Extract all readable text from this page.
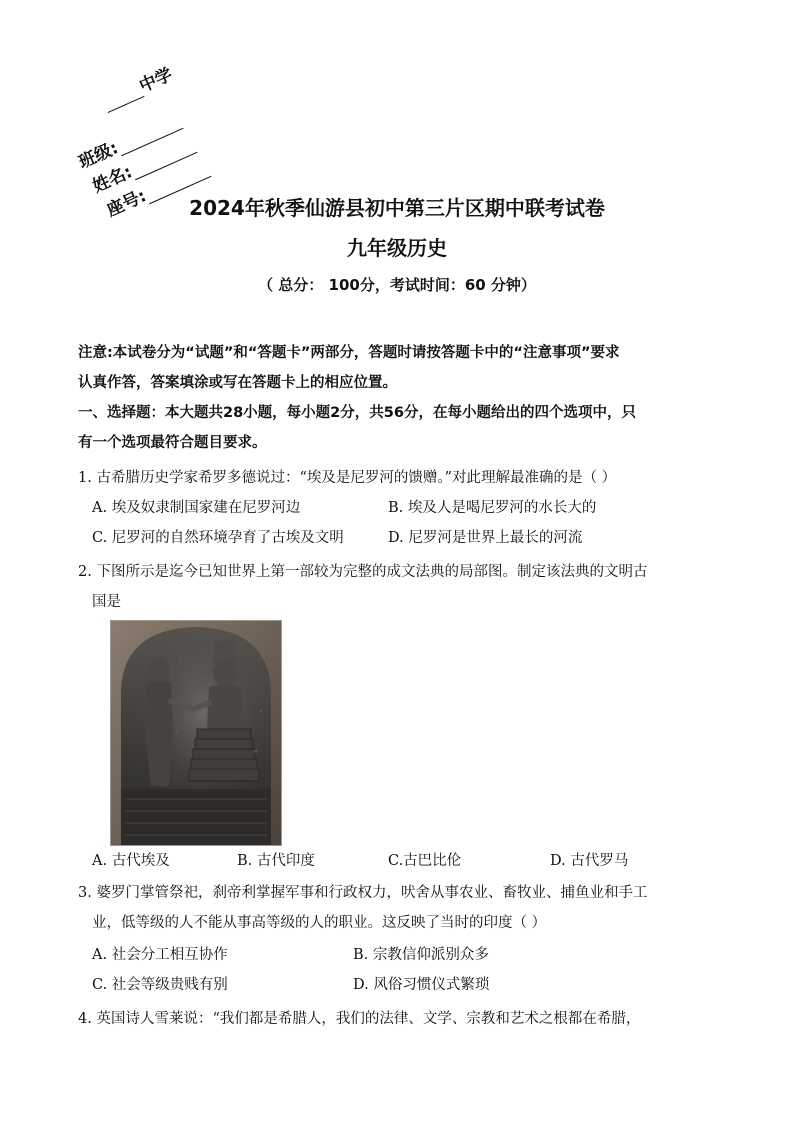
中学
班级:
姓名:
座号:	2024年秋季仙游县初中第三片区期中联考试卷
九年级历史
（ 总分： 100分，考试时间：60 分钟）
注意:本试卷分为“试题”和“答题卡”两部分，答题时请按答题卡中的“注意事项”要求
认真作答，答案填涂或写在答题卡上的相应位置。
一、选择题：本大题共28小题，每小题2分，共56分，在每小题给出的四个选项中，只
有一个选项最符合题目要求。
1. 古希腊历史学家希罗多德说过：“埃及是尼罗河的馈赠。”对此理解最准确的是（ ）
A. 埃及奴隶制国家建在尼罗河边	B. 埃及人是喝尼罗河的水长大的
C. 尼罗河的自然环境孕育了古埃及文明	D. 尼罗河是世界上最长的河流
2. 下图所示是迄今已知世界上第一部较为完整的成文法典的局部图。制定该法典的文明古
国是
A. 古代埃及	B. 古代印度	C.古巴比伦	D. 古代罗马
3. 婆罗门掌管祭祀，刹帝利掌握军事和行政权力，吠舍从事农业、畜牧业、捕鱼业和手工
业，低等级的人不能从事高等级的人的职业。这反映了当时的印度（ ）
A. 社会分工相互协作	B. 宗教信仰派别众多
C. 社会等级贵贱有别	D. 风俗习惯仪式繁琐
4. 英国诗人雪莱说：“我们都是希腊人，我们的法律、文学、宗教和艺术之根都在希腊，
